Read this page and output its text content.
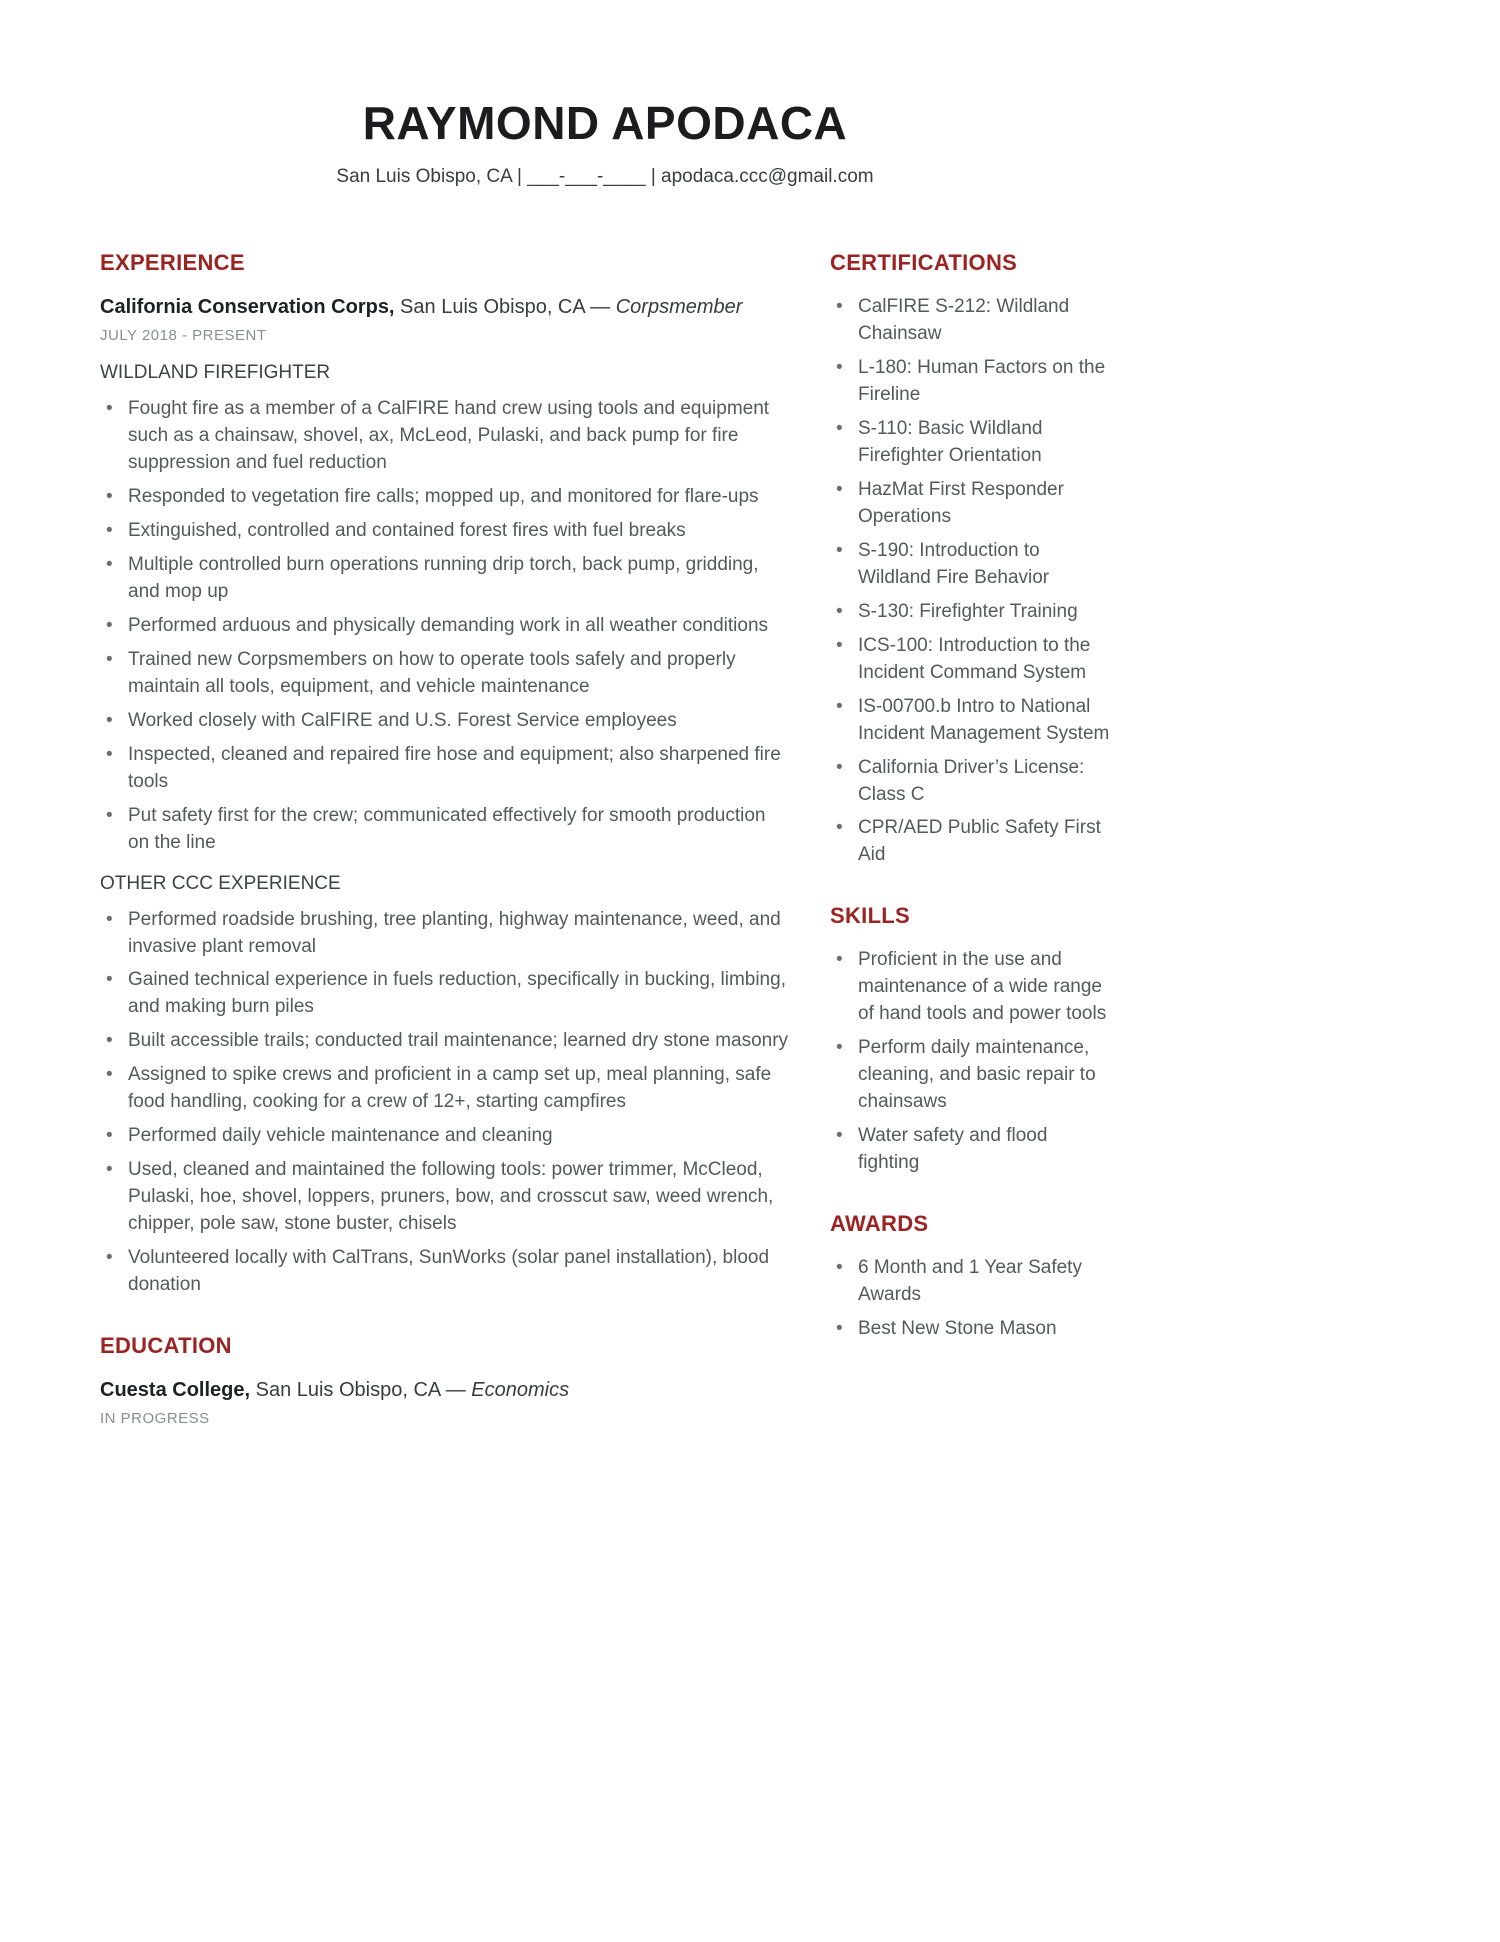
RAYMOND APODACA
San Luis Obispo, CA | ___-___-____ | apodaca.ccc@gmail.com
EXPERIENCE

California Conservation Corps, San Luis Obispo, CA — Corpsmember

JULY 2018 - PRESENT

WILDLAND FIREFIGHTER
• Fought fire as a member of a CalFIRE hand crew using tools and equipment such as a chainsaw, shovel, ax, McLeod, Pulaski, and back pump for fire suppression and fuel reduction
• Responded to vegetation fire calls; mopped up, and monitored for flare-ups
• Extinguished, controlled and contained forest fires with fuel breaks
• Multiple controlled burn operations running drip torch, back pump, gridding, and mop up
• Performed arduous and physically demanding work in all weather conditions
• Trained new Corpsmembers on how to operate tools safely and properly maintain all tools, equipment, and vehicle maintenance
• Worked closely with CalFIRE and U.S. Forest Service employees
• Inspected, cleaned and repaired fire hose and equipment; also sharpened fire tools
• Put safety first for the crew; communicated effectively for smooth production on the line
OTHER CCC EXPERIENCE
• Performed roadside brushing, tree planting, highway maintenance, weed, and invasive plant removal
• Gained technical experience in fuels reduction, specifically in bucking, limbing, and making burn piles
• Built accessible trails; conducted trail maintenance; learned dry stone masonry
• Assigned to spike crews and proficient in a camp set up, meal planning, safe food handling, cooking for a crew of 12+, starting campfires
• Performed daily vehicle maintenance and cleaning
• Used, cleaned and maintained the following tools: power trimmer, McCleod, Pulaski, hoe, shovel, loppers, pruners, bow, and crosscut saw, weed wrench, chipper, pole saw, stone buster, chisels
• Volunteered locally with CalTrans, SunWorks (solar panel installation), blood donation
EDUCATION

Cuesta College, San Luis Obispo, CA — Economics

IN PROGRESS

CERTIFICATIONS
• CalFIRE S-212: Wildland Chainsaw
• L-180: Human Factors on the Fireline
• S-110: Basic Wildland Firefighter Orientation
• HazMat First Responder Operations
• S-190: Introduction to Wildland Fire Behavior
• S-130: Firefighter Training
• ICS-100: Introduction to the Incident Command System
• IS-00700.b Intro to National Incident Management System
• California Driver’s License: Class C
• CPR/AED Public Safety First Aid
SKILLS
• Proficient in the use and maintenance of a wide range of hand tools and power tools
• Perform daily maintenance, cleaning, and basic repair to chainsaws
• Water safety and flood fighting
AWARDS
• 6 Month and 1 Year Safety Awards
• Best New Stone Mason
